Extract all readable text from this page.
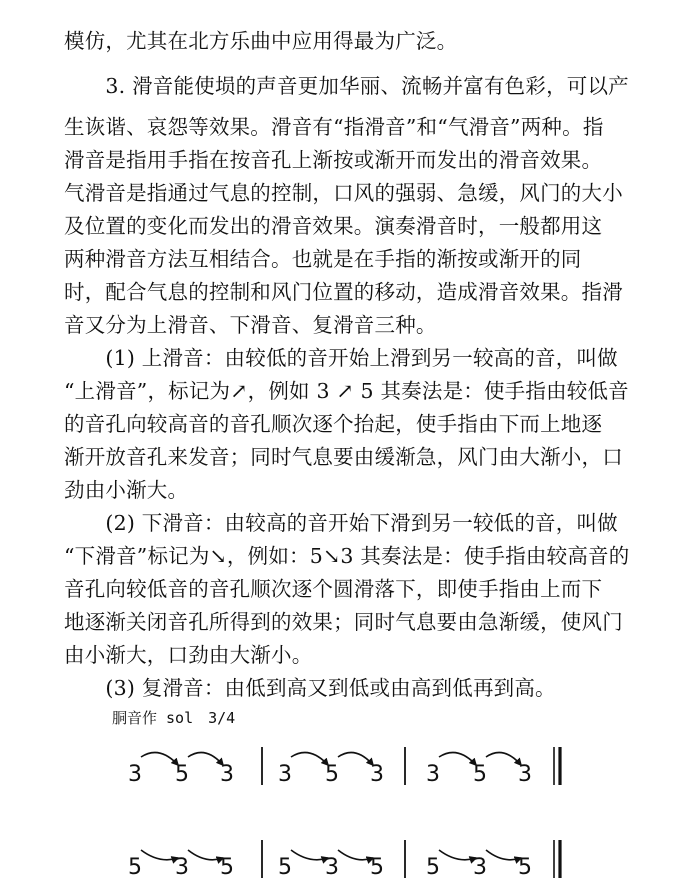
模仿，尤其在北方乐曲中应用得最为广泛。
　　3. 滑音能使埙的声音更加华丽、流畅并富有色彩，可以产
生诙谐、哀怨等效果。滑音有“指滑音”和“气滑音”两种。指
滑音是指用手指在按音孔上渐按或渐开而发出的滑音效果。
气滑音是指通过气息的控制，口风的强弱、急缓，风门的大小
及位置的变化而发出的滑音效果。演奏滑音时，一般都用这
两种滑音方法互相结合。也就是在手指的渐按或渐开的同
时，配合气息的控制和风门位置的移动，造成滑音效果。指滑
音又分为上滑音、下滑音、复滑音三种。
　　(1) 上滑音：由较低的音开始上滑到另一较高的音，叫做
“上滑音”，标记为↗，例如 3 ↗ 5 其奏法是：使手指由较低音
的音孔向较高音的音孔顺次逐个抬起，使手指由下而上地逐
渐开放音孔来发音；同时气息要由缓渐急，风门由大渐小，口
劲由小渐大。
　　(2) 下滑音：由较高的音开始下滑到另一较低的音，叫做
“下滑音”标记为↘，例如：5↘3 其奏法是：使手指由较高音的
音孔向较低音的音孔顺次逐个圆滑落下，即使手指由上而下
地逐渐关闭音孔所得到的效果；同时气息要由急渐缓，使风门
由小渐大，口劲由大渐小。
　　(3) 复滑音：由低到高又到低或由高到低再到高。
胴音作 sol　3/4
3 5 3 3 5 3 3 5 3
5 3 5 5 3 5 5 3 5
